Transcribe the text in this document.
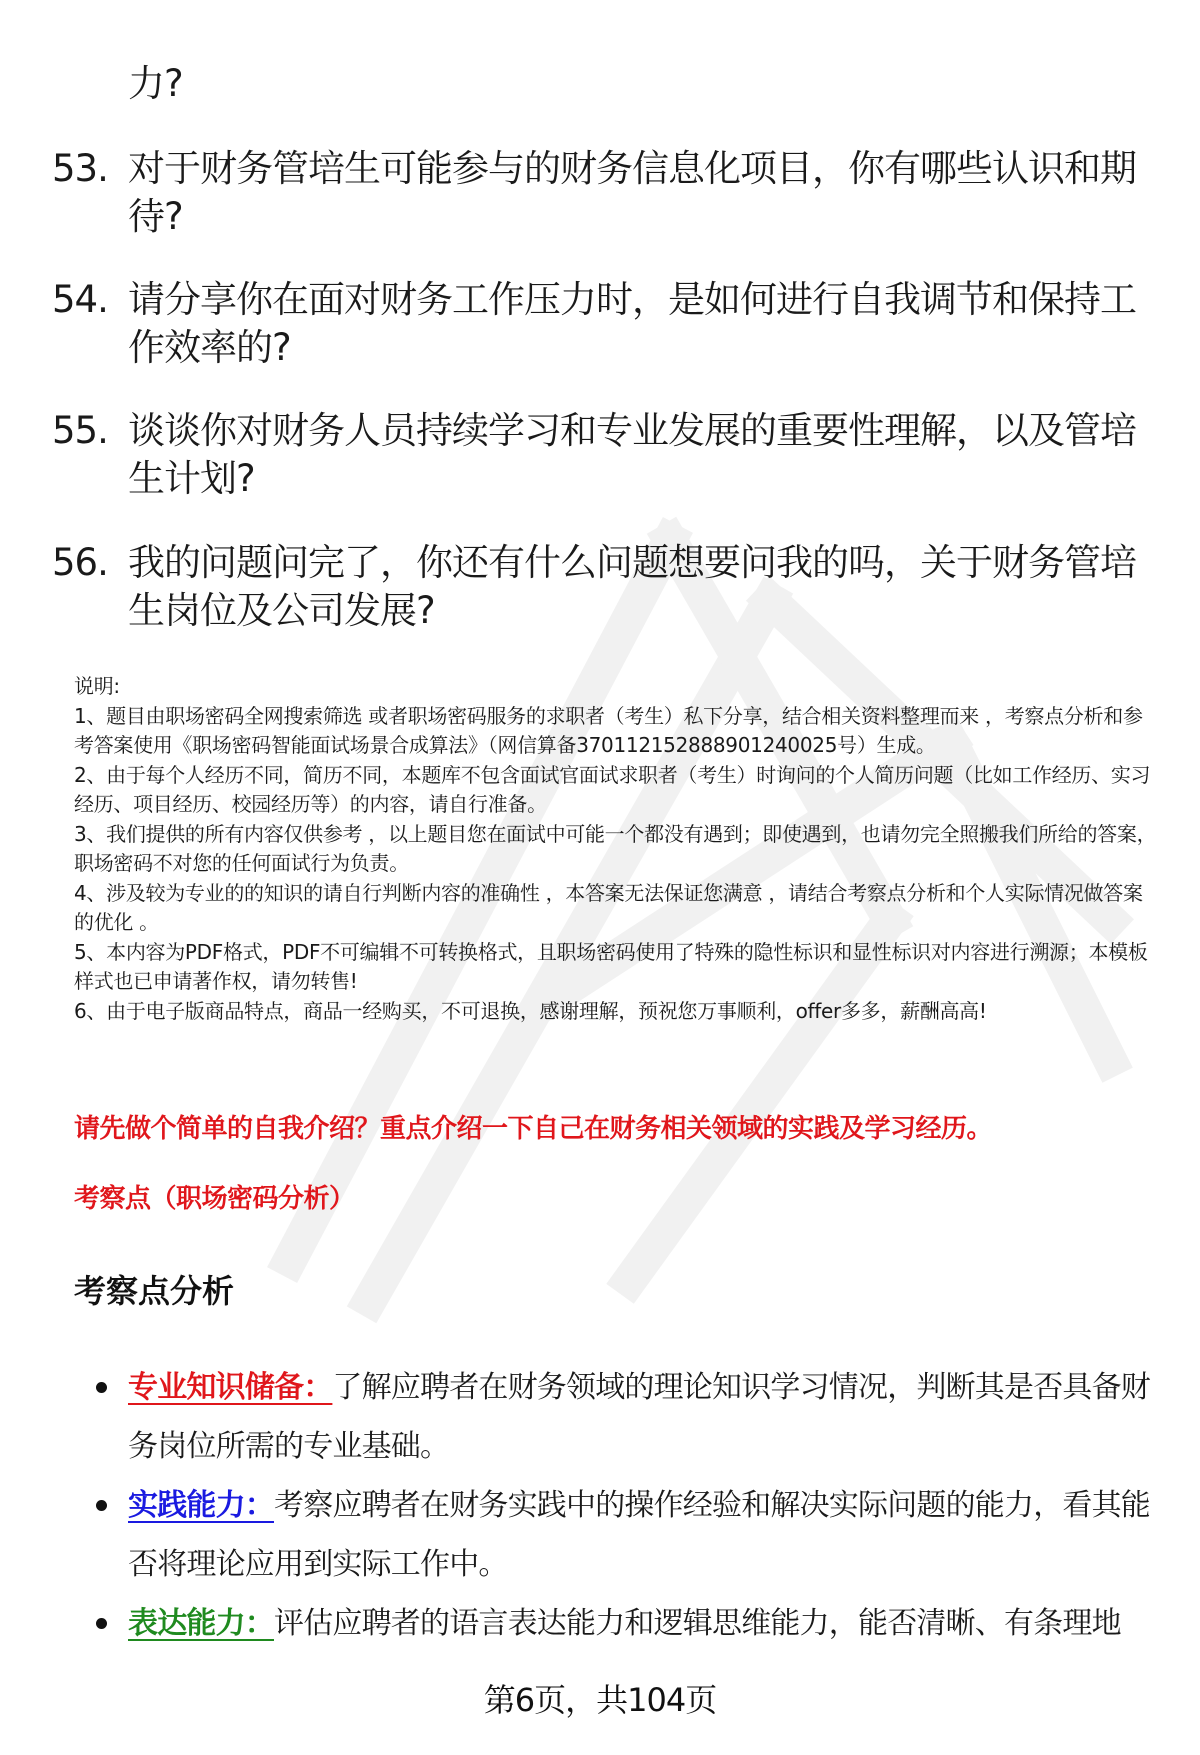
力?
53. 对于财务管培生可能参与的财务信息化项目，你有哪些认识和期待?
54. 请分享你在面对财务工作压力时，是如何进行自我调节和保持工作效率的?
55. 谈谈你对财务人员持续学习和专业发展的重要性理解，以及管培生计划?
56. 我的问题问完了，你还有什么问题想要问我的吗，关于财务管培生岗位及公司发展?

说明:

1、题目由职场密码全网搜索筛选 或者职场密码服务的求职者（考生）私下分享，结合相关资料整理而来 ，考察点分析和参考答案使用《职场密码智能面试场景合成算法》（网信算备370112152888901240025号）生成。

2、由于每个人经历不同，简历不同，本题库不包含面试官面试求职者（考生）时询问的个人简历问题（比如工作经历、实习经历、项目经历、校园经历等）的内容，请自行准备。

3、我们提供的所有内容仅供参考 ，以上题目您在面试中可能一个都没有遇到；即使遇到，也请勿完全照搬我们所给的答案，职场密码不对您的任何面试行为负责。

4、涉及较为专业的的知识的请自行判断内容的准确性 ，本答案无法保证您满意 ，请结合考察点分析和个人实际情况做答案的优化 。

5、本内容为PDF格式，PDF不可编辑不可转换格式，且职场密码使用了特殊的隐性标识和显性标识对内容进行溯源；本模板样式也已申请著作权，请勿转售!

6、由于电子版商品特点，商品一经购买，不可退换，感谢理解，预祝您万事顺利，offer多多，薪酬高高!

请先做个简单的自我介绍？重点介绍一下自己在财务相关领域的实践及学习经历。
考察点（职场密码分析）
考察点分析
专业知识储备：了解应聘者在财务领域的理论知识学习情况，判断其是否具备财务岗位所需的专业基础。
实践能力：考察应聘者在财务实践中的操作经验和解决实际问题的能力，看其能否将理论应用到实际工作中。
表达能力：评估应聘者的语言表达能力和逻辑思维能力，能否清晰、有条理地
第6页，共104页
